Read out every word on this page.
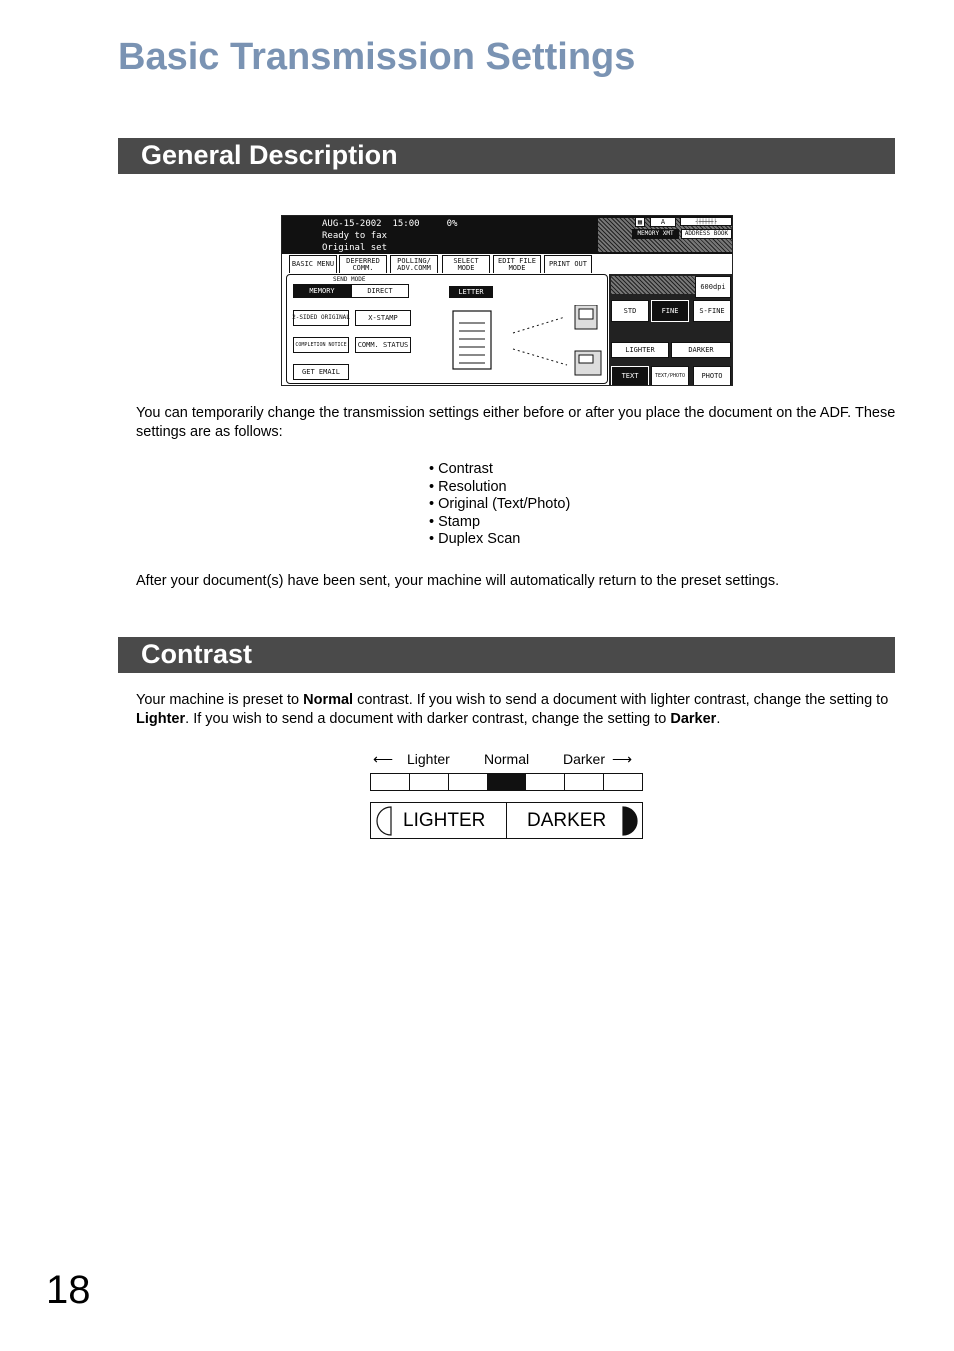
Basic Transmission Settings
General Description
AUG-15-2002  15:00     0%
Ready to fax
Original set
MEMORY XMT	ADDRESS BOOK
▦	A	┤┼┼┼┼┼├
BASIC MENU	DEFERRED COMM.
POLLING/ ADV.COMM
SELECT MODE
EDIT FILE MODE	PRINT OUT
SEND MODE
MEMORY	DIRECT	LETTER
2-SIDED ORIGINAL	X-STAMP
COMPLETION NOTICE	COMM. STATUS
GET EMAIL
600dpi
STD	FINE	S-FINE
LIGHTER	DARKER
TEXT	TEXT/PHOTO	PHOTO

You can temporarily change the transmission settings either before or after you place the document on the ADF. These settings are as follows:

• Contrast
• Resolution
• Original (Text/Photo)
• Stamp
• Duplex Scan

After your document(s) have been sent, your machine will automatically return to the preset settings.

Contrast

Your machine is preset to Normal contrast. If you wish to send a document with lighter contrast, change the setting to Lighter. If you wish to send a document with darker contrast, change the setting to Darker.

⟵ Lighter Normal Darker ⟶
LIGHTER DARKER
18
